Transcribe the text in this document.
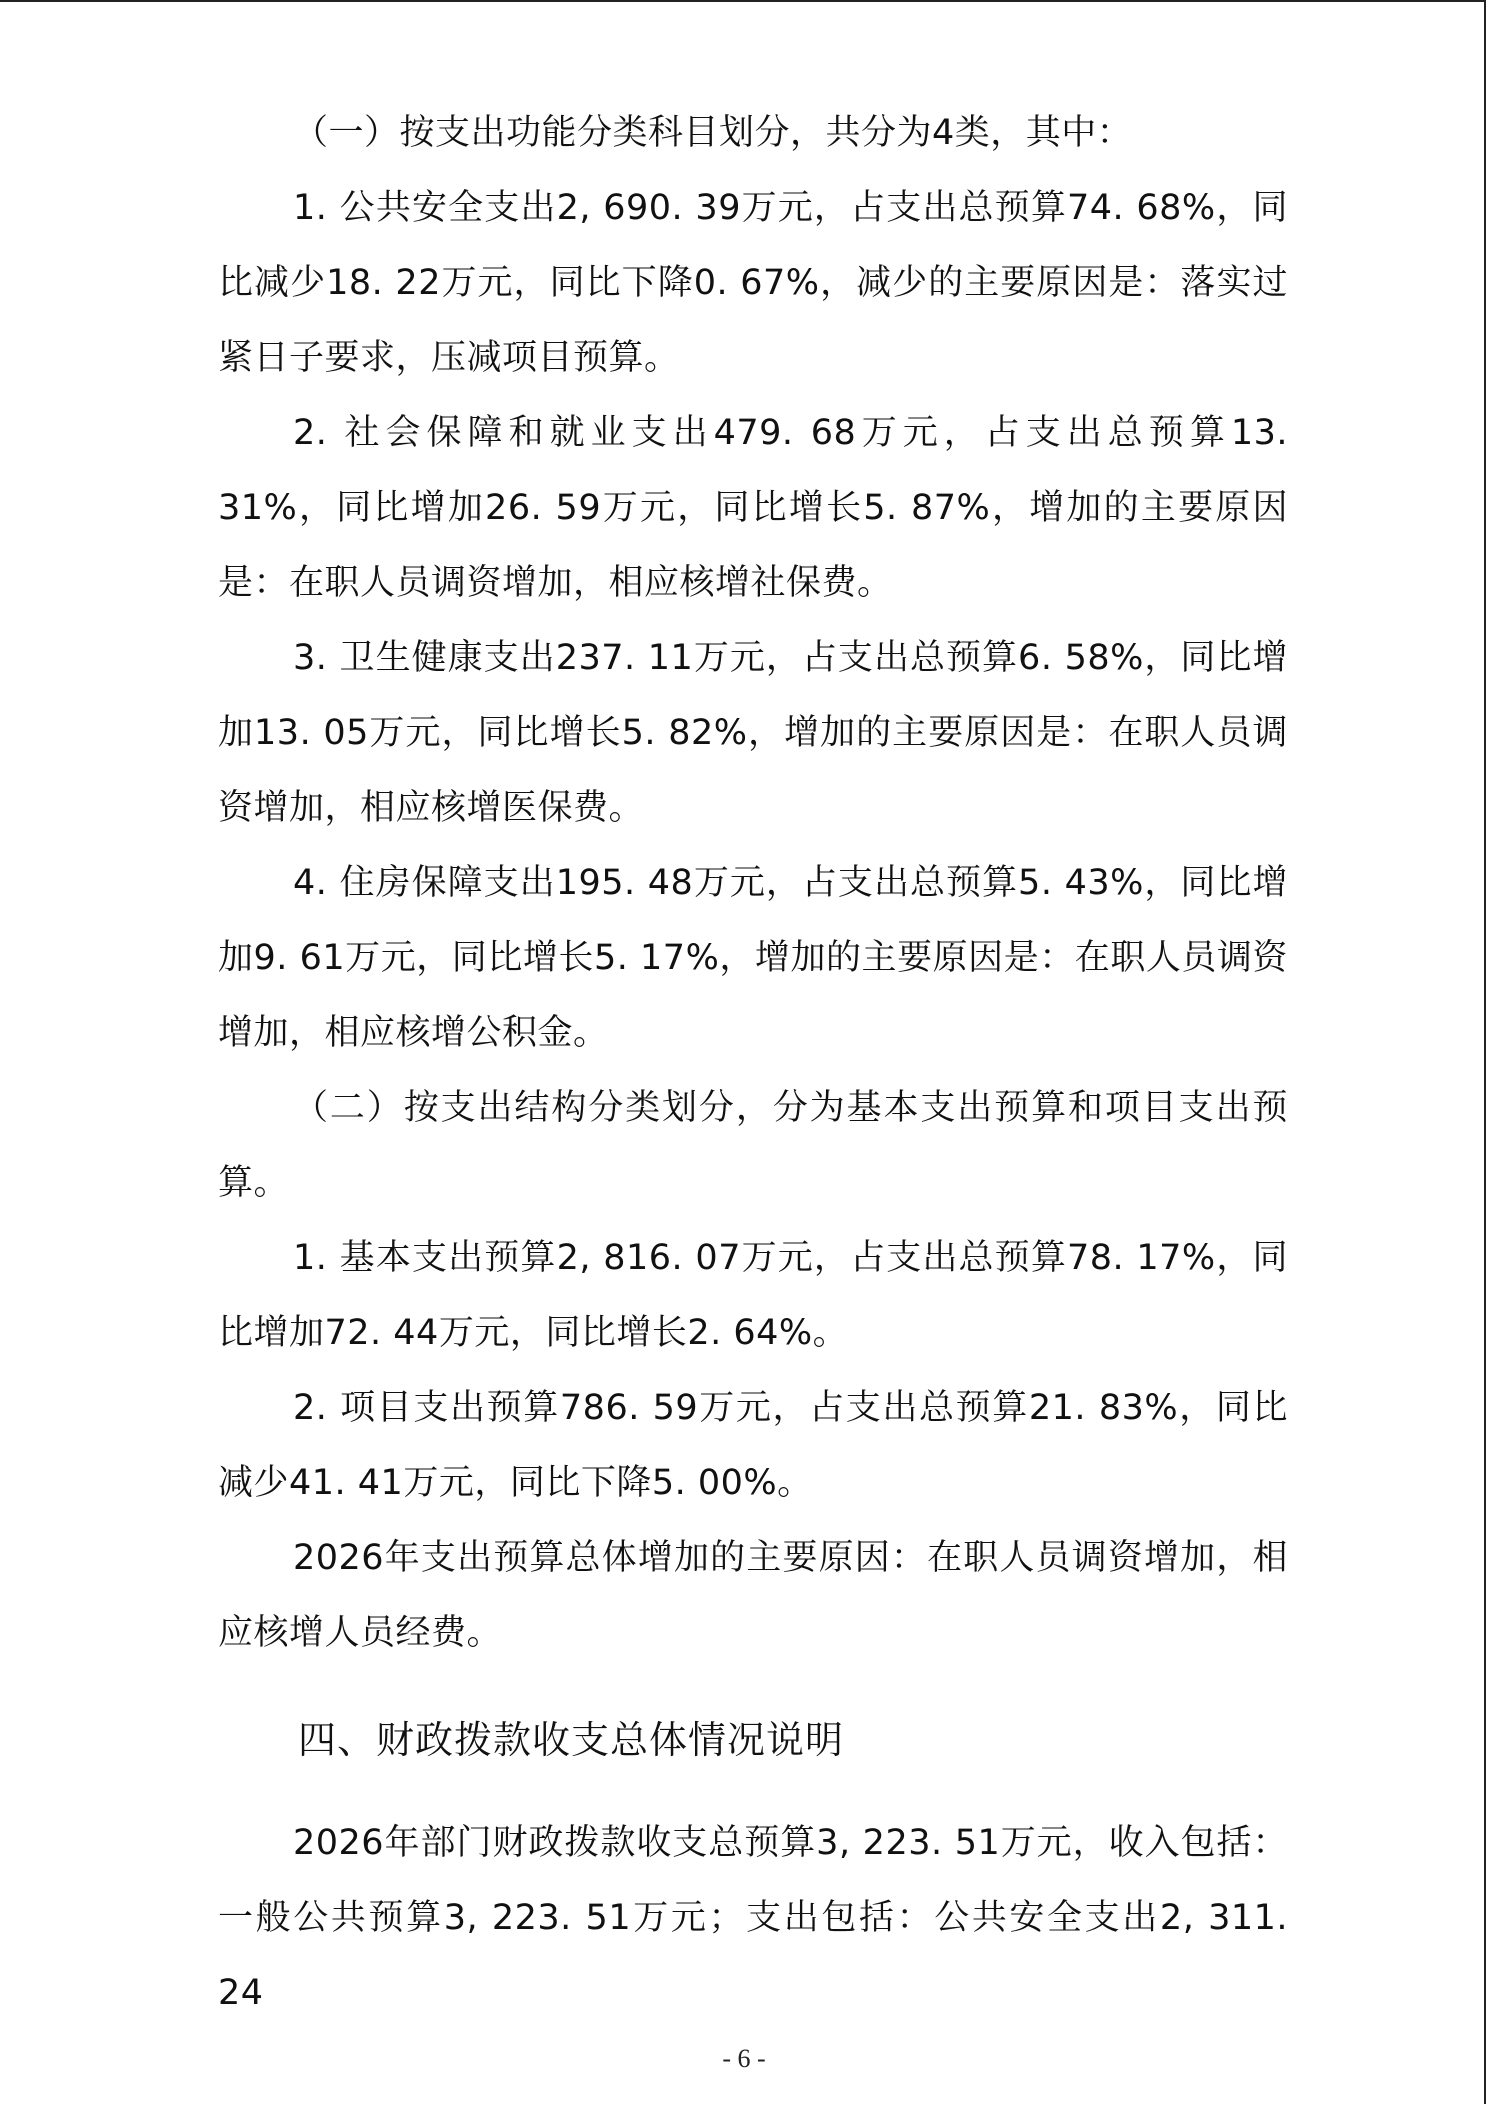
（一）按支出功能分类科目划分，共分为4类，其中：

1. 公共安全支出2, 690. 39万元，占支出总预算74. 68%，同比减少18. 22万元，同比下降0. 67%，减少的主要原因是：落实过紧日子要求，压减项目预算。

2. 社会保障和就业支出479. 68万元，占支出总预算13. 31%，同比增加26. 59万元，同比增长5. 87%，增加的主要原因是：在职人员调资增加，相应核增社保费。

3. 卫生健康支出237. 11万元，占支出总预算6. 58%，同比增加13. 05万元，同比增长5. 82%，增加的主要原因是：在职人员调资增加，相应核增医保费。

4. 住房保障支出195. 48万元，占支出总预算5. 43%，同比增加9. 61万元，同比增长5. 17%，增加的主要原因是：在职人员调资增加，相应核增公积金。

（二）按支出结构分类划分，分为基本支出预算和项目支出预算。

1. 基本支出预算2, 816. 07万元，占支出总预算78. 17%，同比增加72. 44万元，同比增长2. 64%。

2. 项目支出预算786. 59万元，占支出总预算21. 83%，同比减少41. 41万元，同比下降5. 00%。

2026年支出预算总体增加的主要原因：在职人员调资增加，相应核增人员经费。

四、财政拨款收支总体情况说明

2026年部门财政拨款收支总预算3, 223. 51万元，收入包括：一般公共预算3, 223. 51万元；支出包括：公共安全支出2, 311. 24

- 6 -
